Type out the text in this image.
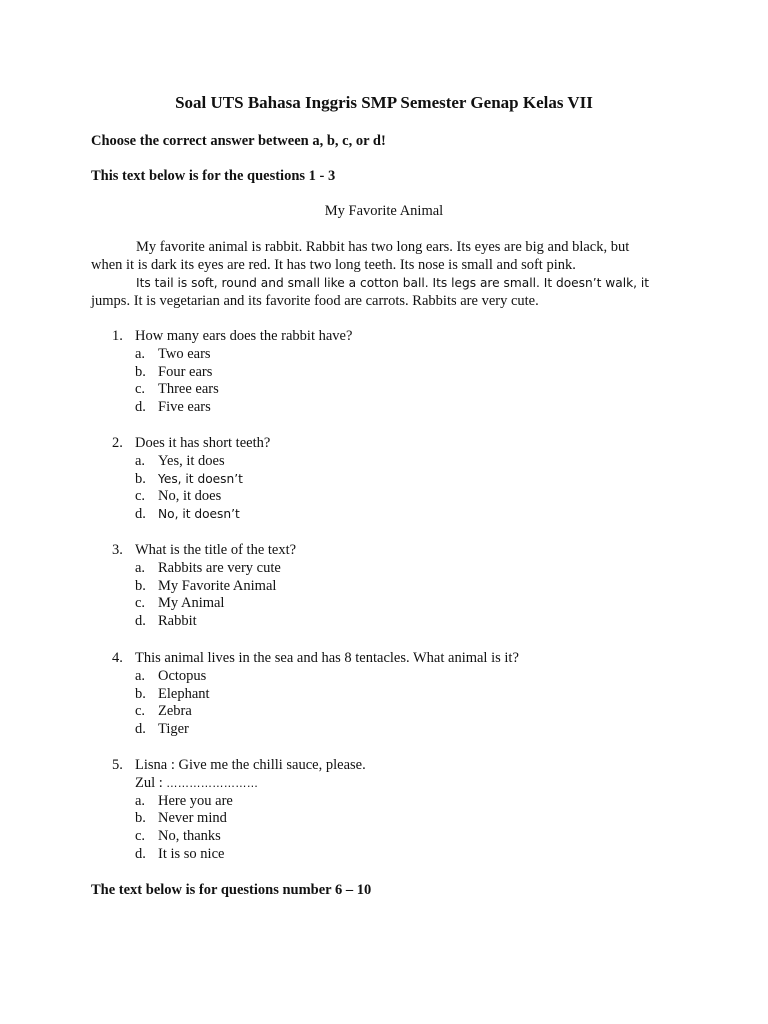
Soal UTS Bahasa Inggris SMP Semester Genap Kelas VII
Choose the correct answer between a, b, c, or d!
This text below is for the questions 1 - 3
My Favorite Animal
My favorite animal is rabbit. Rabbit has two long ears. Its eyes are big and black, but
when it is dark its eyes are red. It has two long teeth. Its nose is small and soft pink.
Its tail is soft, round and small like a cotton ball. Its legs are small. It doesn’t walk, it
jumps. It is vegetarian and its favorite food are carrots. Rabbits are very cute.
1. How many ears does the rabbit have?
a. Two ears
b. Four ears
c. Three ears
d. Five ears
2. Does it has short teeth?
a. Yes, it does
b. Yes, it doesn’t
c. No, it does
d. No, it doesn’t
3. What is the title of the text?
a. Rabbits are very cute
b. My Favorite Animal
c. My Animal
d. Rabbit
4. This animal lives in the sea and has 8 tentacles. What animal is it?
a. Octopus
b. Elephant
c. Zebra
d. Tiger
5. Lisna : Give me the chilli sauce, please.
Zul : ……………………
a. Here you are
b. Never mind
c. No, thanks
d. It is so nice
The text below is for questions number 6 – 10
